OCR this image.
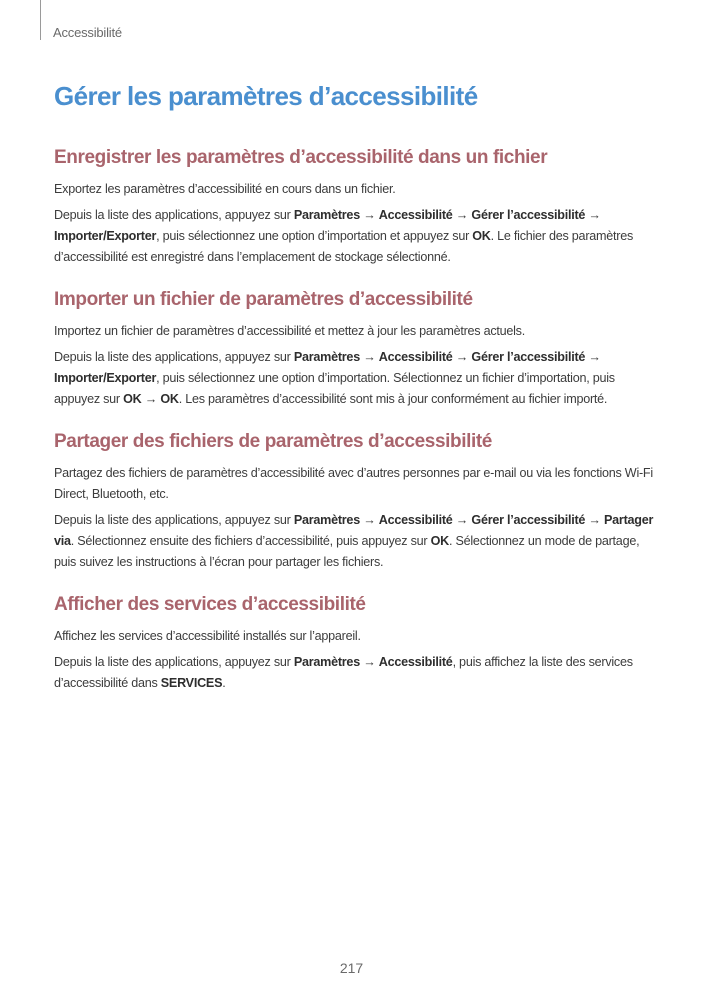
Accessibilité
Gérer les paramètres d’accessibilité
Enregistrer les paramètres d’accessibilité dans un fichier

Exportez les paramètres d’accessibilité en cours dans un fichier.

Depuis la liste des applications, appuyez sur Paramètres → Accessibilité → Gérer l’accessibilité → Importer/Exporter, puis sélectionnez une option d’importation et appuyez sur OK. Le fichier des paramètres d’accessibilité est enregistré dans l’emplacement de stockage sélectionné.

Importer un fichier de paramètres d’accessibilité

Importez un fichier de paramètres d’accessibilité et mettez à jour les paramètres actuels.

Depuis la liste des applications, appuyez sur Paramètres → Accessibilité → Gérer l’accessibilité → Importer/Exporter, puis sélectionnez une option d’importation. Sélectionnez un fichier d’importation, puis appuyez sur OK → OK. Les paramètres d’accessibilité sont mis à jour conformément au fichier importé.

Partager des fichiers de paramètres d’accessibilité

Partagez des fichiers de paramètres d’accessibilité avec d’autres personnes par e-mail ou via les fonctions Wi-Fi Direct, Bluetooth, etc.

Depuis la liste des applications, appuyez sur Paramètres → Accessibilité → Gérer l’accessibilité → Partager via. Sélectionnez ensuite des fichiers d’accessibilité, puis appuyez sur OK. Sélectionnez un mode de partage, puis suivez les instructions à l’écran pour partager les fichiers.

Afficher des services d’accessibilité

Affichez les services d’accessibilité installés sur l’appareil.

Depuis la liste des applications, appuyez sur Paramètres → Accessibilité, puis affichez la liste des services d’accessibilité dans SERVICES.

217
